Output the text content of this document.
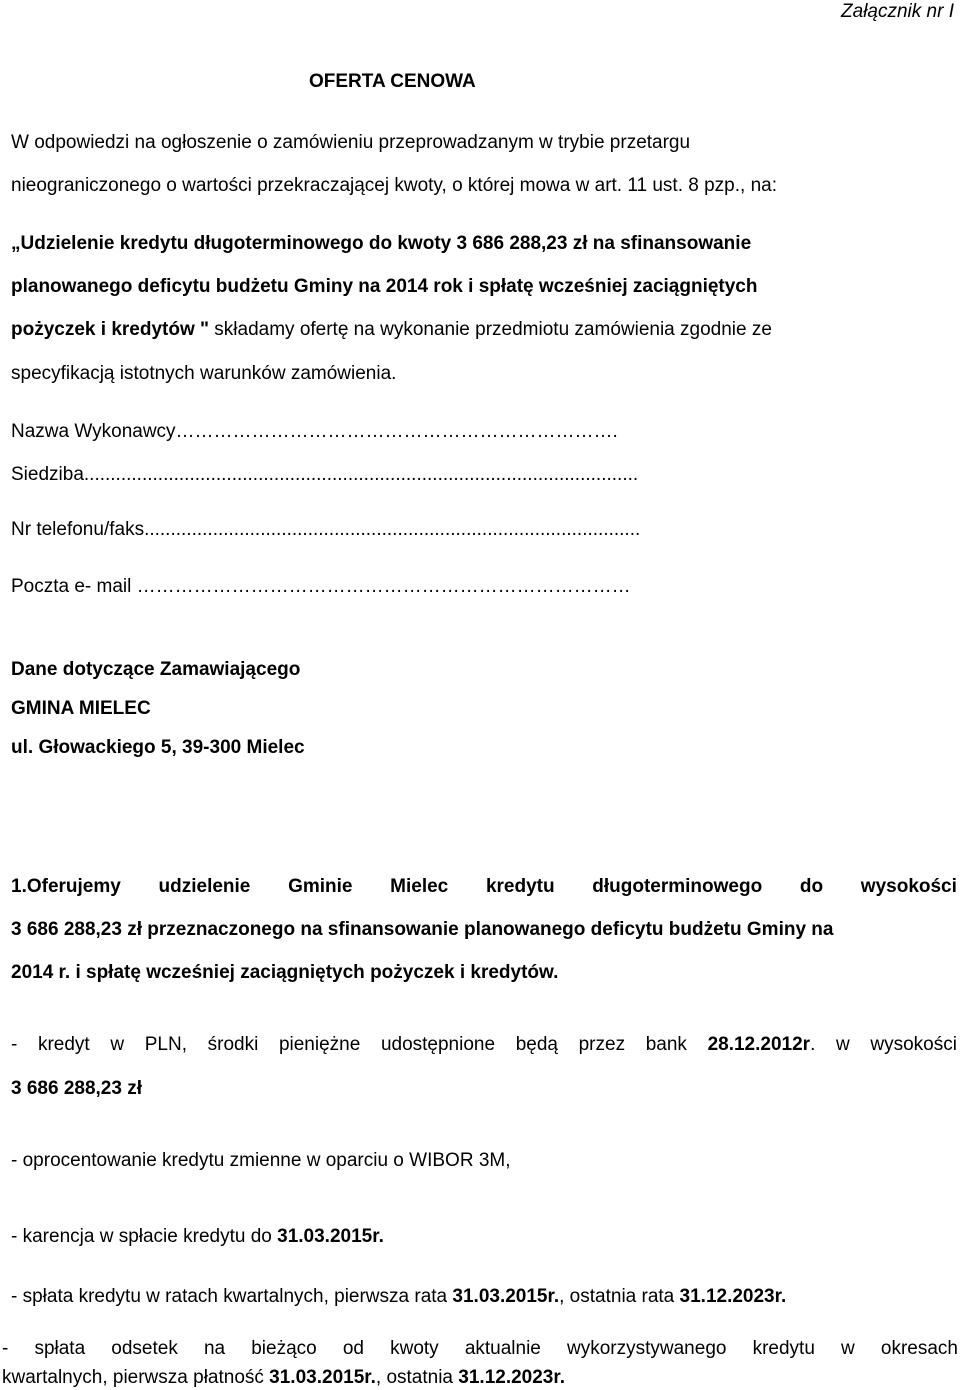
Załącznik nr I

OFERTA CENOWA

W odpowiedzi na ogłoszenie o zamówieniu przeprowadzanym w trybie przetargu

nieograniczonego o wartości przekraczającej kwoty, o której mowa w art. 11 ust. 8 pzp., na:

„Udzielenie kredytu długoterminowego do kwoty 3 686 288,23 zł na sfinansowanie

planowanego deficytu budżetu Gminy na 2014 rok i spłatę wcześniej zaciągniętych

pożyczek i kredytów " składamy ofertę na wykonanie przedmiotu zamówienia zgodnie ze

specyfikacją istotnych warunków zamówienia.

Nazwa Wykonawcy…………………………………………………………….

Siedziba.........................................................................................................

Nr telefonu/faks..............................................................................................

Poczta e- mail ……………………………………………………………………

Dane dotyczące Zamawiającego

GMINA MIELEC

ul. Głowackiego 5, 39-300 Mielec

1.Oferujemy udzielenie Gminie Mielec kredytu długoterminowego do wysokości

3 686 288,23 zł przeznaczonego na sfinansowanie planowanego deficytu budżetu Gminy na

2014 r. i spłatę wcześniej zaciągniętych pożyczek i kredytów.

- kredyt w PLN, środki pieniężne udostępnione będą przez bank 28.12.2012r . w wysokości

3 686 288,23 zł

- oprocentowanie kredytu zmienne w oparciu o WIBOR 3M,

- karencja w spłacie kredytu do 31.03.2015r.

- spłata kredytu w ratach kwartalnych, pierwsza rata 31.03.2015r., ostatnia rata 31.12.2023r.

- spłata odsetek na bieżąco od kwoty aktualnie wykorzystywanego kredytu w okresach

kwartalnych, pierwsza płatność 31.03.2015r., ostatnia 31.12.2023r.
